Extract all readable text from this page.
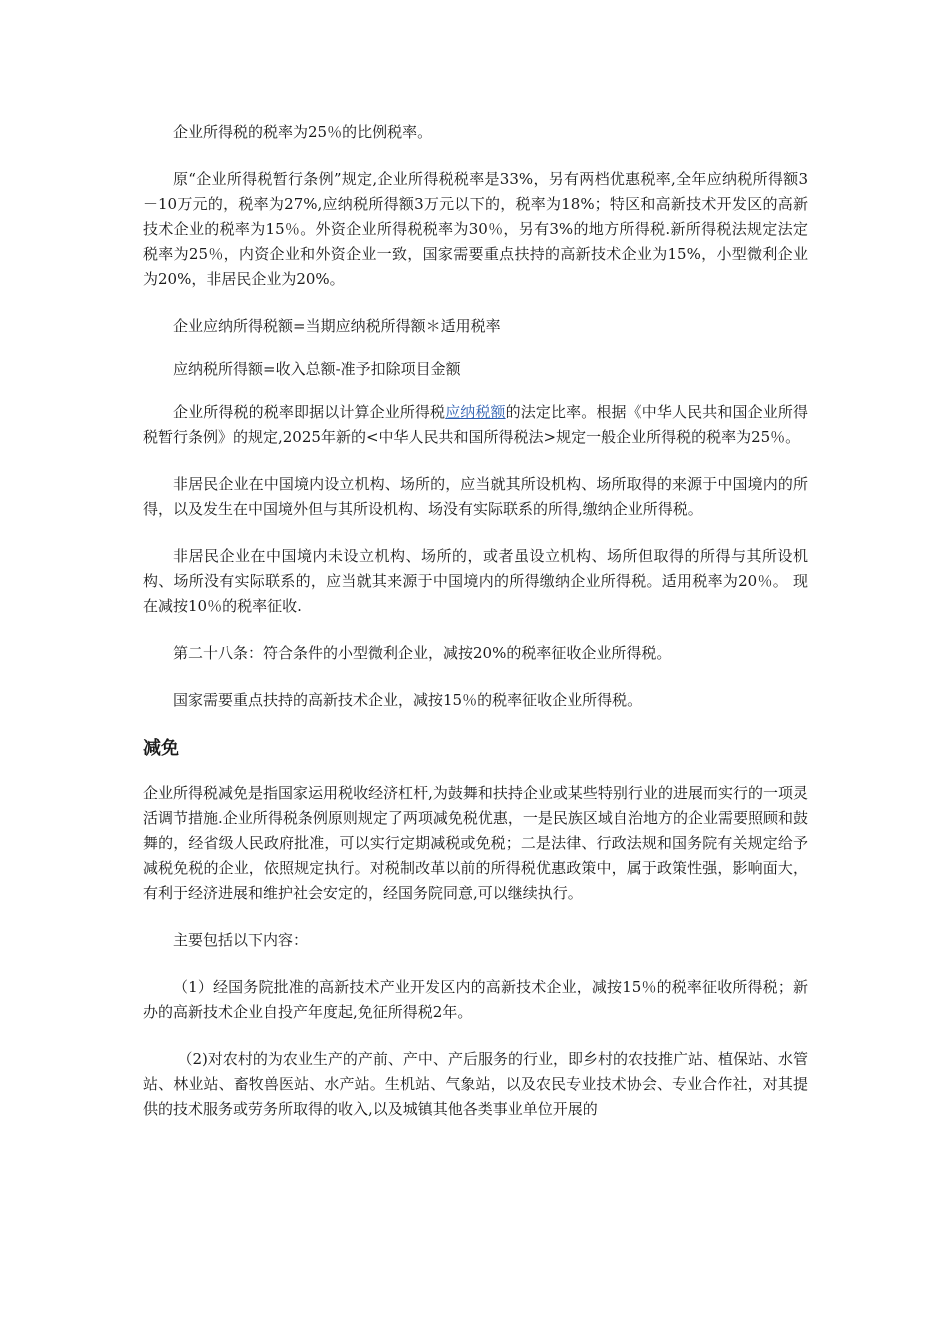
企业所得税的税率为25％的比例税率。

原“企业所得税暂行条例”规定,企业所得税税率是33%，另有两档优惠税率,全年应纳税所得额3－10万元的，税率为27%,应纳税所得额3万元以下的，税率为18%；特区和高新技术开发区的高新技术企业的税率为15％。外资企业所得税税率为30％，另有3%的地方所得税.新所得税法规定法定税率为25％，内资企业和外资企业一致，国家需要重点扶持的高新技术企业为15%，小型微利企业为20%，非居民企业为20%。

企业应纳所得税额=当期应纳税所得额＊适用税率

应纳税所得额=收入总额-准予扣除项目金额

企业所得税的税率即据以计算企业所得税应纳税额的法定比率。根据《中华人民共和国企业所得税暂行条例》的规定,2025年新的<中华人民共和国所得税法>规定一般企业所得税的税率为25％。

非居民企业在中国境内设立机构、场所的，应当就其所设机构、场所取得的来源于中国境内的所得，以及发生在中国境外但与其所设机构、场没有实际联系的所得,缴纳企业所得税。

非居民企业在中国境内未设立机构、场所的，或者虽设立机构、场所但取得的所得与其所设机构、场所没有实际联系的，应当就其来源于中国境内的所得缴纳企业所得税。适用税率为20％。 现在减按10％的税率征收.

第二十八条：符合条件的小型微利企业，减按20%的税率征收企业所得税。

国家需要重点扶持的高新技术企业，减按15％的税率征收企业所得税。

减免

企业所得税减免是指国家运用税收经济杠杆,为鼓舞和扶持企业或某些特别行业的进展而实行的一项灵活调节措施.企业所得税条例原则规定了两项减免税优惠，一是民族区域自治地方的企业需要照顾和鼓舞的，经省级人民政府批准，可以实行定期减税或免税；二是法律、行政法规和国务院有关规定给予减税免税的企业，依照规定执行。对税制改革以前的所得税优惠政策中，属于政策性强，影响面大，有利于经济进展和维护社会安定的，经国务院同意,可以继续执行。

主要包括以下内容：

（1）经国务院批准的高新技术产业开发区内的高新技术企业，减按15％的税率征收所得税；新办的高新技术企业自投产年度起,免征所得税2年。

（2)对农村的为农业生产的产前、产中、产后服务的行业，即乡村的农技推广站、植保站、水管站、林业站、畜牧兽医站、水产站。生机站、气象站，以及农民专业技术协会、专业合作社，对其提供的技术服务或劳务所取得的收入,以及城镇其他各类事业单位开展的
